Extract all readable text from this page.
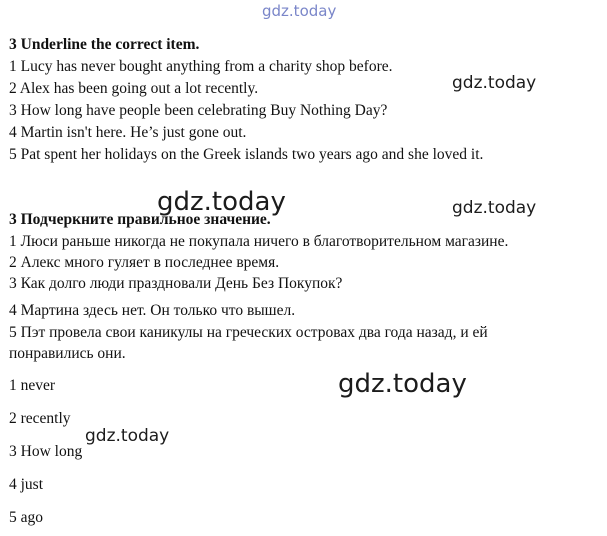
gdz.today
gdz.today
gdz.today	gdz.today
gdz.today
gdz.today
3 Underline the correct item.
1 Lucy has never bought anything from a charity shop before.
2 Alex has been going out a lot recently.
3 How long have people been celebrating Buy Nothing Day?
4 Martin isn't here. He’s just gone out.
5 Pat spent her holidays on the Greek islands two years ago and she loved it.
3 Подчеркните правильное значение.
1 Люси раньше никогда не покупала ничего в благотворительном магазине.
2 Алекс много гуляет в последнее время.
3 Как долго люди праздновали День Без Покупок?
4 Мартина здесь нет. Он только что вышел.
5 Пэт провела свои каникулы на греческих островах два года назад, и ей
понравились они.
1 never
2 recently
3 How long
4 just
5 ago
